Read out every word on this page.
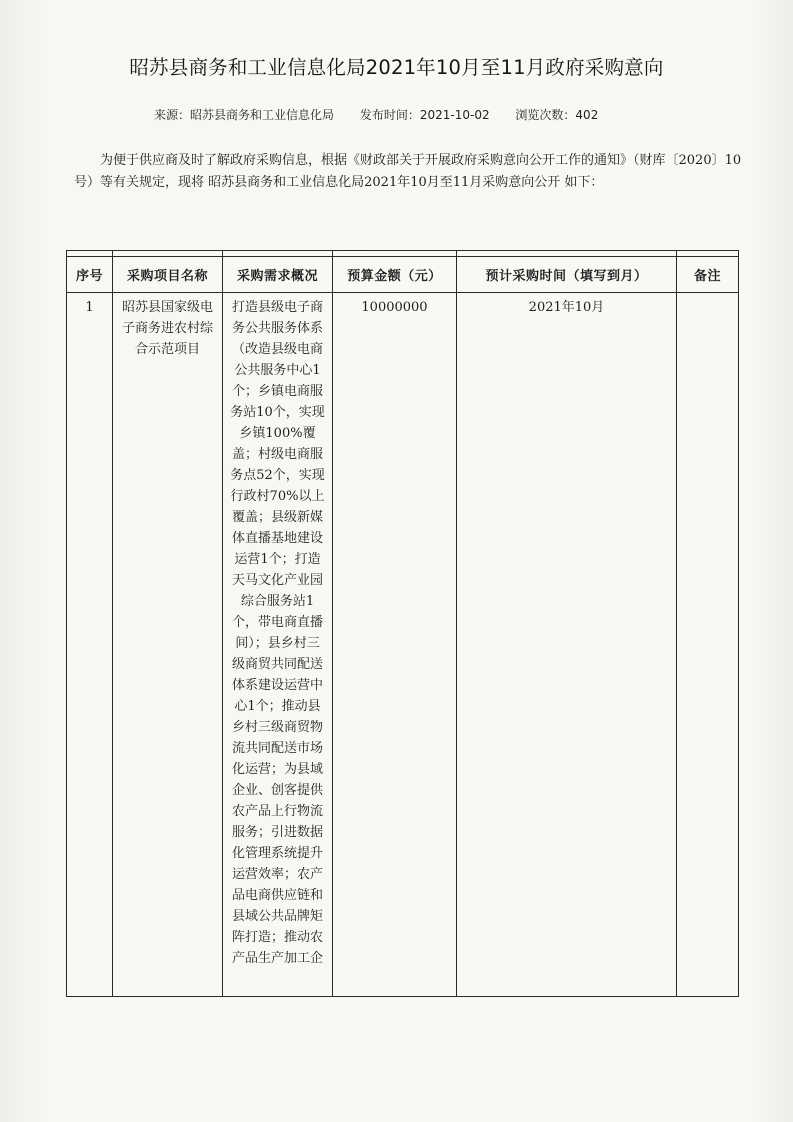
昭苏县商务和工业信息化局2021年10月至11月政府采购意向
来源：昭苏县商务和工业信息化局 发布时间：2021-10-02 浏览次数：402

为便于供应商及时了解政府采购信息，根据《财政部关于开展政府采购意向公开工作的通知》（财库〔2020〕10号）等有关规定，现将 昭苏县商务和工业信息化局2021年10月至11月采购意向公开 如下：

序号	采购项目名称	采购需求概况	预算金额（元）	预计采购时间（填写到月）	备注
1	昭苏县国家级电子商务进农村综合示范项目	打造县级电子商务公共服务体系（改造县级电商公共服务中心1个；乡镇电商服务站10个，实现乡镇100%覆盖；村级电商服务点52个，实现行政村70%以上覆盖；县级新媒体直播基地建设运营1个；打造天马文化产业园综合服务站1个，带电商直播间）；县乡村三级商贸共同配送体系建设运营中心1个；推动县乡村三级商贸物流共同配送市场化运营；为县域企业、创客提供农产品上行物流服务；引进数据化管理系统提升运营效率；农产品电商供应链和县域公共品牌矩阵打造；推动农产品生产加工企	10000000	2021年10月	
